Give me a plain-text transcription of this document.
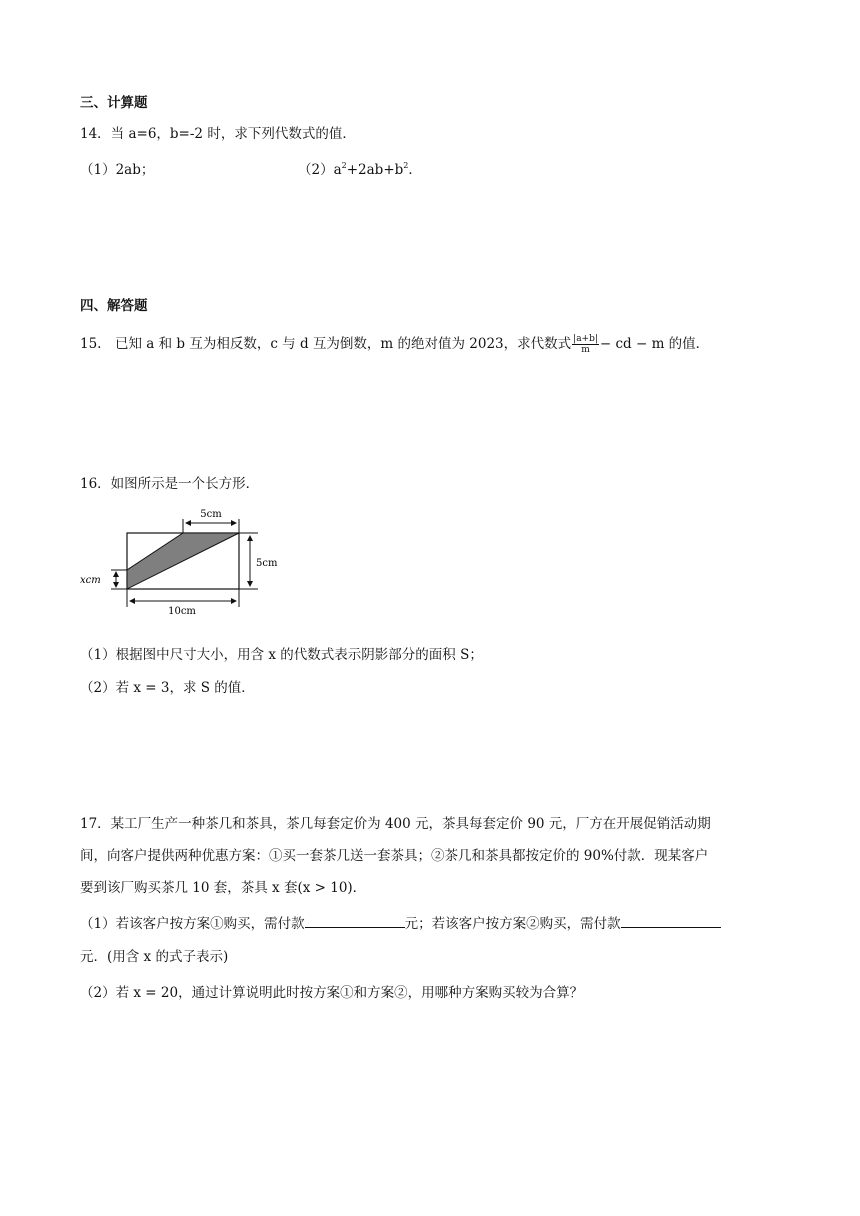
三、计算题
14．当 a=6，b=-2 时，求下列代数式的值．
（1）2ab；	$(2)a^2+2ab+b^2$．
四、解答题
15.　已知 a 和 b 互为相反数，c 与 d 互为倒数，m 的绝对值为 2023，求代数式 $\frac{|a+b|}{m}$ − cd − m 的值．
16．如图所示是一个长方形．
5cm
5cm
10cm
xcm
（1）根据图中尺寸大小，用含 x 的代数式表示阴影部分的面积 S；
（2）若 x = 3，求 S 的值．
17．某工厂生产一种茶几和茶具，茶几每套定价为 400 元，茶具每套定价 90 元，厂方在开展促销活动期
间，向客户提供两种优惠方案：①买一套茶几送一套茶具；②茶几和茶具都按定价的 90%付款．现某客户
要到该厂购买茶几 10 套，茶具 x 套(x > 10)．
（1）若该客户按方案①购买，需付款	元；若该客户按方案②购买，需付款
元．(用含 x 的式子表示)
（2）若 x = 20，通过计算说明此时按方案①和方案②，用哪种方案购买较为合算？
